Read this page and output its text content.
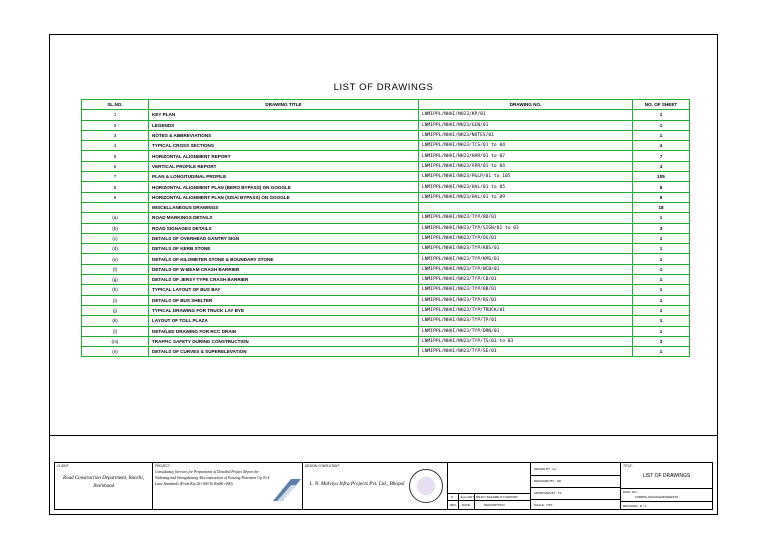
LIST OF DRAWINGS
SL.NO.	DRAWING TITLE	DRAWING NO.	NO. OF SHEET
1	KEY PLAN	LNMIPPL/NHAI/NH23/KP/01	1
2	LEGENDS	LNMIPPL/NHAI/NH23/GEN/01	1
3	NOTES & ABBREVIATIONS	LNMIPPL/NHAI/NH23/NOTES/01	1
4	TYPICAL CROSS SECTIONS	LNMIPPL/NHAI/NH23/TCS/01 to 04	4
5	HORIZONTAL ALIGNMENT REPORT	LNMIPPL/NHAI/NH23/HAR/01 to 07	7
6	VERTICAL PROFILE REPORT	LNMIPPL/NHAI/NH23/VPR/01 to 04	4
7	PLAN & LONGITUDINAL PROFILE	LNMIPPL/NHAI/NH23/P&LP/01 to 105	105
8	HORIZONTAL ALIGNMENT PLAN (BERO BYPASS) ON GOOGLE	LNMIPPL/NHAI/NH23/HAL/01 to 05	5
9	HORIZONTAL ALIGNMENT PLAN (SISAI BYPASS) ON GOOGLE	LNMIPPL/NHAI/NH23/HAL/01 to 09	9
	MISCELLANEOUS DRAWINGS		18
(a)	ROAD MARKINGS DETAILS	LNMIPPL/NHAI/NH23/TYP/RD/01	1
(b)	ROAD SIGNAGES DETAILS	LNMIPPL/NHAI/NH23/TYP/SIGN/01 to 03	3
(c)	DETAILS OF OVERHEAD GANTRY SIGN	LNMIPPL/NHAI/NH23/TYP/OG/01	1
(d)	DETAILS OF KERB STONE	LNMIPPL/NHAI/NH23/TYP/KBS/01	1
(e)	DETAILS OF KILOMETER STONE & BOUNDARY STONE	LNMIPPL/NHAI/NH23/TYP/KMS/01	1
(f)	DETAILS OF W-BEAM CRASH BARRIER	LNMIPPL/NHAI/NH23/TYP/WCB/01	1
(g)	DETAILS OF JERSY TYPE CRASH BARRIER	LNMIPPL/NHAI/NH23/TYP/CB/01	1
(h)	TYPICAL LAYOUT OF BUS BAY	LNMIPPL/NHAI/NH23/TYP/BB/01	1
(i)	DETAILS OF BUS SHELTER	LNMIPPL/NHAI/NH23/TYP/BS/01	1
(j)	TYPICAL DRAWING FOR TRUCK LAY BYE	LNMIPPL/NHAI/NH23/TYP/TRUCK/01	1
(k)	LAYOUT OF TOLL PLAZA	LNMIPPL/NHAI/NH23/TYP/TP/01	1
(l)	DETAILED DRAWING FOR RCC DRAIN	LNMIPPL/NHAI/NH23/TYP/DRN/01	1
(m)	TRAFFIC SAFETY DURING CONSTRUCTION	LNMIPPL/NHAI/NH23/TYP/TS/01 to 03	3
(n)	DETAILS OF CURVES & SUPERELEVATION	LNMIPPL/NHAI/NH23/TYP/SE/01	1
CLIENT :
Road Construction Department, Ranchi, Jharkhand
PROJECT :
Consultancy Services for Preparation of Detailed Project Report for Widening and Strengthening /Reconstruction of Existing Pavement Up To 4 Lane Standards (From Km 26+000 To Km86+000)
DESIGN CONSULTANT
L. N. Malviya Infra Projects Pvt. Ltd., Bhopal
0 June 2017 DRAFT FEASIBILITY REPORT
REV. DATE	DESCRIPTION
DRAWN BY : LA
DESIGNED BY : SD
APPROVED BY : TL
SCALE : NTS
TITLE :
LIST OF DRAWINGS
DWG. NO. :
LNMIPPL/NHAI/NH23/INDEX/01
REVISION : R - 0
